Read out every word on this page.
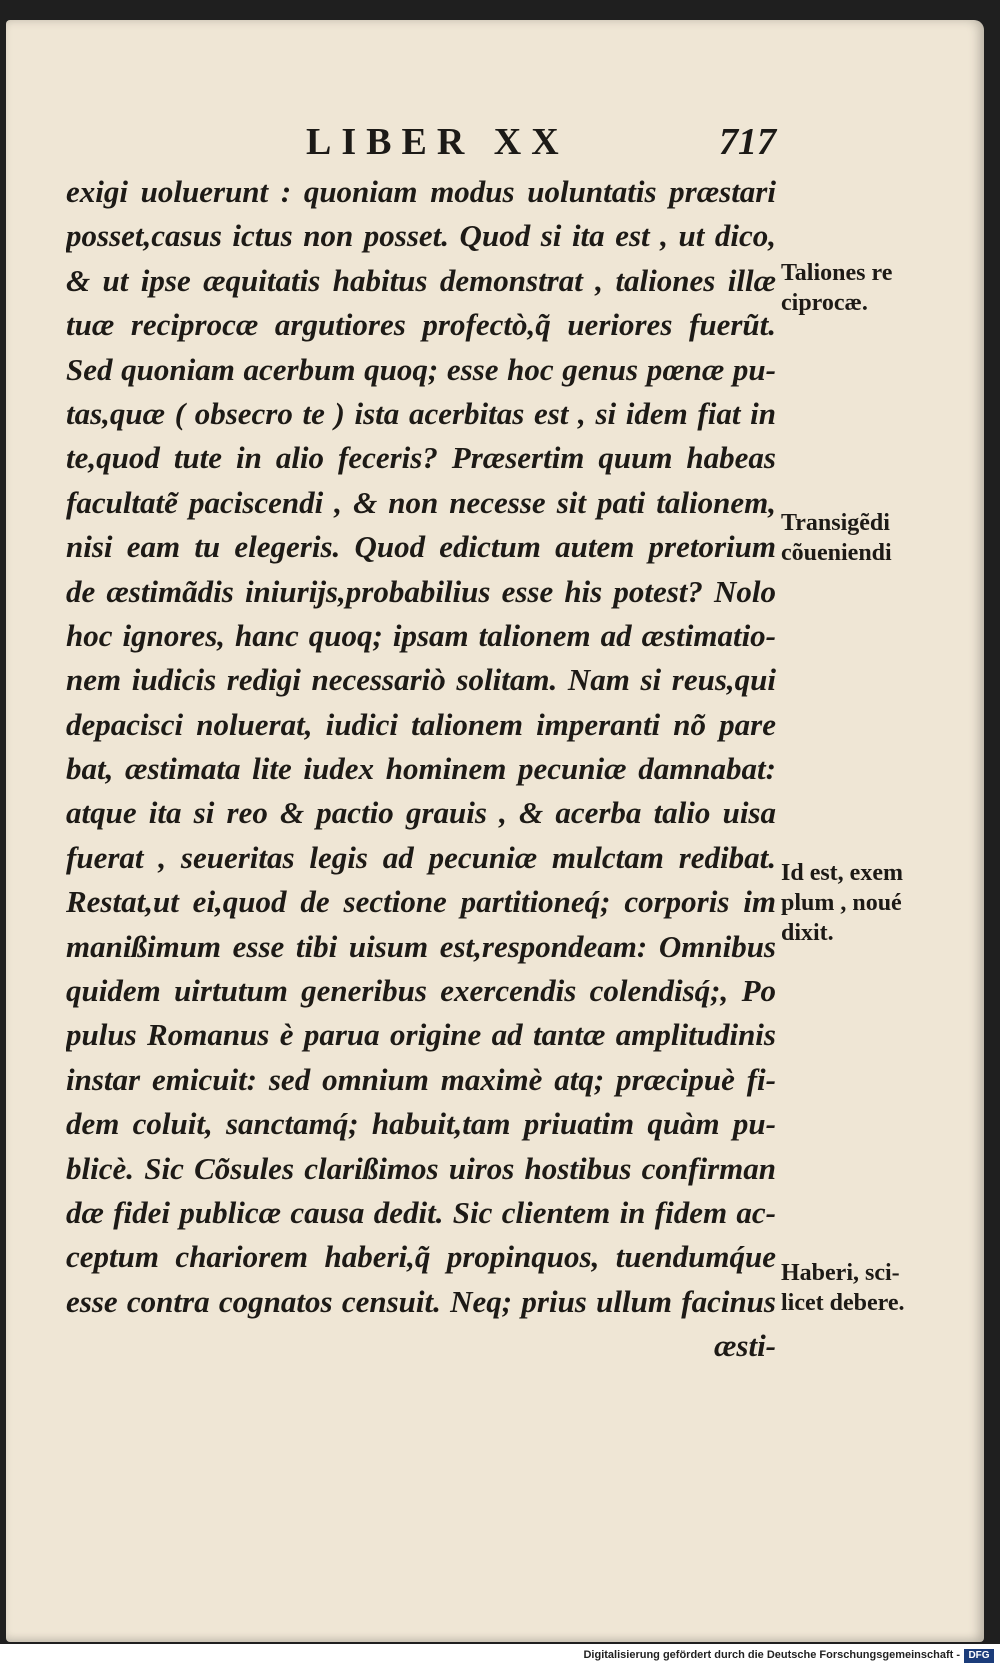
LIBER XX	717
exigi uoluerunt : quoniam modus uoluntatis præstari
posset,casus ictus non posset. Quod si ita est , ut dico,
& ut ipse æquitatis habitus demonstrat , taliones illæ
tuæ reciprocæ argutiores profectò,q̃ ueriores fuerũt.
Sed quoniam acerbum quoq; esse hoc genus pœnæ pu-
tas,quæ ( obsecro te ) ista acerbitas est , si idem fiat in
te,quod tute in alio feceris? Præsertim quum habeas
facultatẽ paciscendi , & non necesse sit pati talionem,
nisi eam tu elegeris. Quod edictum autem pretorium
de æstimãdis iniurijs,probabilius esse his potest? Nolo
hoc ignores, hanc quoq; ipsam talionem ad æstimatio-
nem iudicis redigi necessariò solitam. Nam si reus,qui
depacisci noluerat, iudici talionem imperanti nõ pare
bat, æstimata lite iudex hominem pecuniæ damnabat:
atque ita si reo & pactio grauis , & acerba talio uisa
fuerat , seueritas legis ad pecuniæ mulctam redibat.
Restat,ut ei,quod de sectione partitioneq́; corporis im
manißimum esse tibi uisum est,respondeam: Omnibus
quidem uirtutum generibus exercendis colendisq́;, Po
pulus Romanus è parua origine ad tantæ amplitudinis
instar emicuit: sed omnium maximè atq; præcipuè fi-
dem coluit, sanctamq́; habuit,tam priuatim quàm pu-
blicè. Sic Cõsules clarißimos uiros hostibus confirman
dæ fidei publicæ causa dedit. Sic clientem in fidem ac-
ceptum chariorem haberi,q̃ propinquos, tuendumq́ue
esse contra cognatos censuit. Neq; prius ullum facinus
æsti-
Taliones re
ciprocæ.
Transigẽdi
cõueniendi
Id est, exem
plum , noué
dixit.
Haberi, sci-
licet debere.
Digitalisierung gefördert durch die Deutsche Forschungsgemeinschaft - DFG
